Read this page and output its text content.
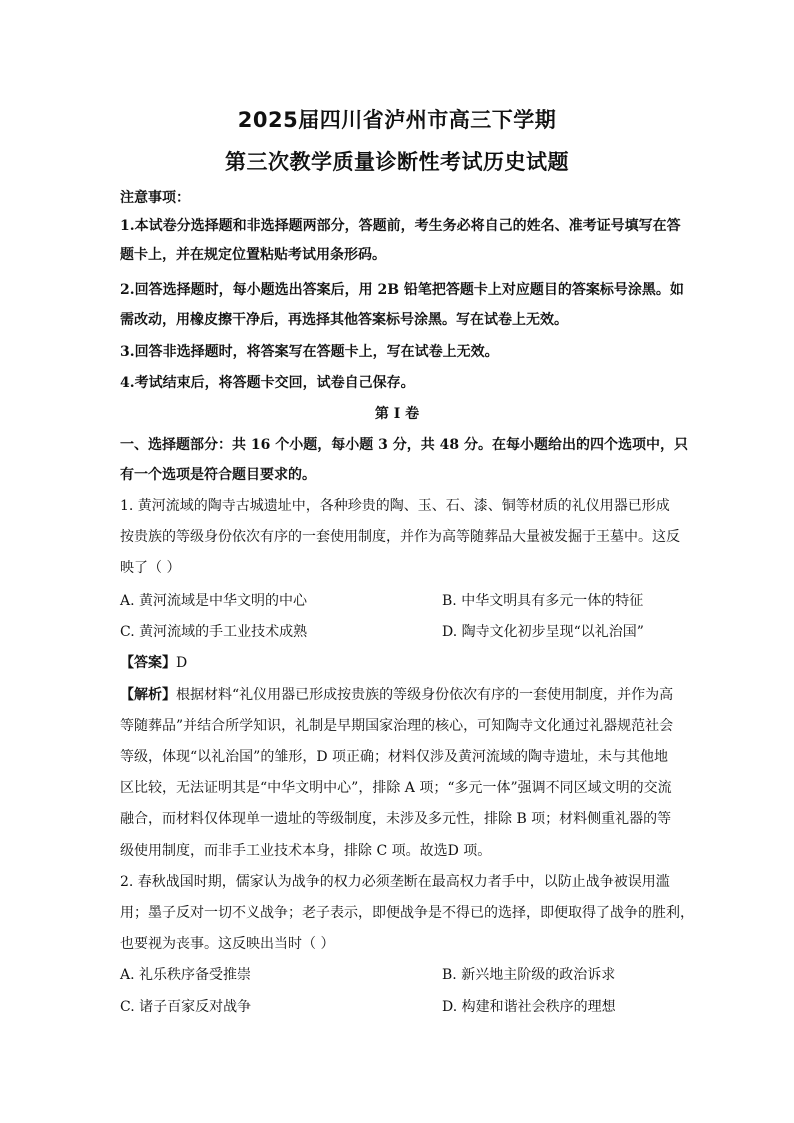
2025届四川省泸州市高三下学期
第三次教学质量诊断性考试历史试题
注意事项：
1.本试卷分选择题和非选择题两部分，答题前，考生务必将自己的姓名、准考证号填写在答
题卡上，并在规定位置粘贴考试用条形码。
2.回答选择题时，每小题选出答案后，用 2B 铅笔把答题卡上对应题目的答案标号涂黑。如
需改动，用橡皮擦干净后，再选择其他答案标号涂黑。写在试卷上无效。
3.回答非选择题时，将答案写在答题卡上，写在试卷上无效。
4.考试结束后，将答题卡交回，试卷自己保存。
第 I 卷
一、选择题部分：共 16 个小题，每小题 3 分，共 48 分。在每小题给出的四个选项中，只
有一个选项是符合题目要求的。
1. 黄河流域的陶寺古城遗址中，各种珍贵的陶、玉、石、漆、铜等材质的礼仪用器已形成
按贵族的等级身份依次有序的一套使用制度，并作为高等随葬品大量被发掘于王墓中。这反
映了（ ）
A. 黄河流域是中华文明的中心	B. 中华文明具有多元一体的特征
C. 黄河流域的手工业技术成熟	D. 陶寺文化初步呈现“以礼治国”
【答案】D
【解析】根据材料“礼仪用器已形成按贵族的等级身份依次有序的一套使用制度，并作为高
等随葬品”并结合所学知识，礼制是早期国家治理的核心，可知陶寺文化通过礼器规范社会
等级，体现“以礼治国”的雏形，D 项正确；材料仅涉及黄河流域的陶寺遗址，未与其他地
区比较，无法证明其是“中华文明中心”，排除 A 项；“多元一体”强调不同区域文明的交流
融合，而材料仅体现单一遗址的等级制度，未涉及多元性，排除 B 项；材料侧重礼器的等
级使用制度，而非手工业技术本身，排除 C 项。故选D 项。
2. 春秋战国时期，儒家认为战争的权力必须垄断在最高权力者手中，以防止战争被误用滥
用；墨子反对一切不义战争；老子表示，即便战争是不得已的选择，即便取得了战争的胜利，
也要视为丧事。这反映出当时（ ）
A. 礼乐秩序备受推崇	B. 新兴地主阶级的政治诉求
C. 诸子百家反对战争	D. 构建和谐社会秩序的理想
